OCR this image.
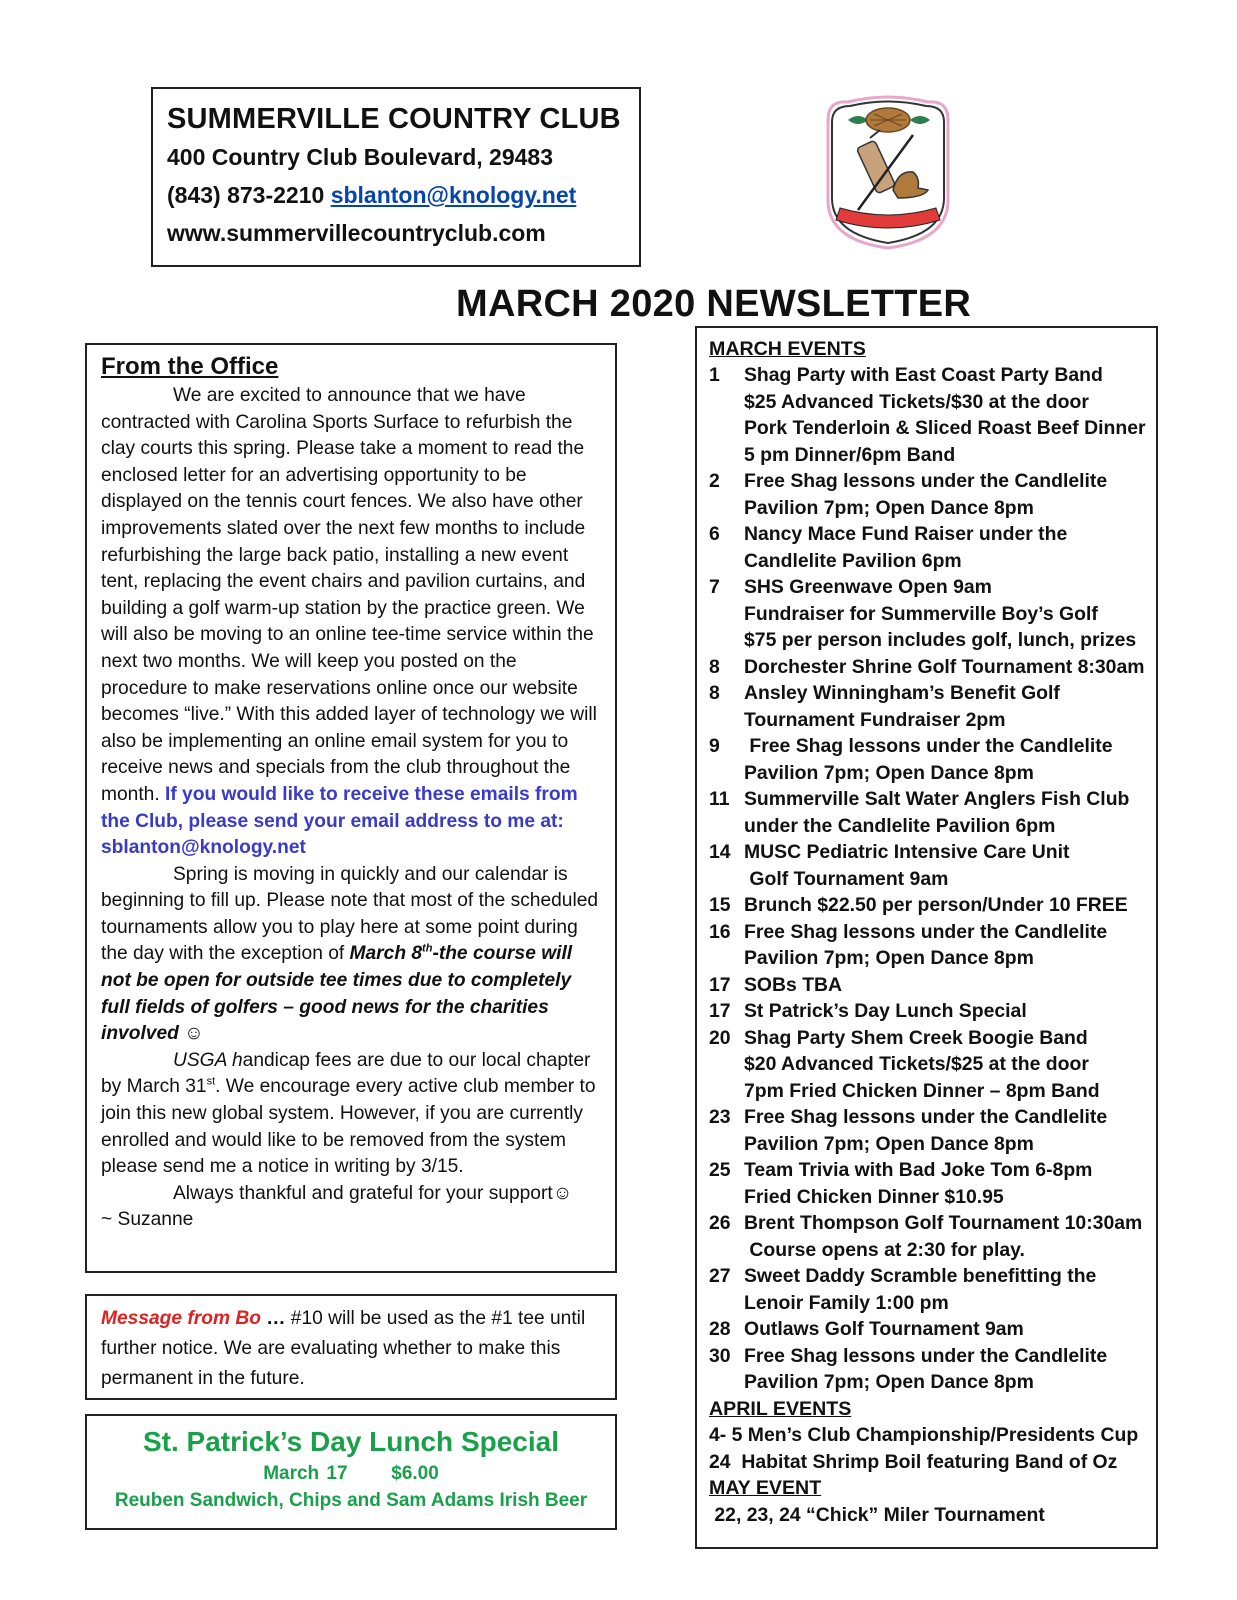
SUMMERVILLE COUNTRY CLUB
400 Country Club Boulevard, 29483
(843) 873-2210 sblanton@knology.net
www.summervillecountryclub.com
MARCH 2020 NEWSLETTER
From the Office

We are excited to announce that we have contracted with Carolina Sports Surface to refurbish the clay courts this spring. Please take a moment to read the enclosed letter for an advertising opportunity to be displayed on the tennis court fences. We also have other improvements slated over the next few months to include refurbishing the large back patio, installing a new event tent, replacing the event chairs and pavilion curtains, and building a golf warm-up station by the practice green. We will also be moving to an online tee-time service within the next two months. We will keep you posted on the procedure to make reservations online once our website becomes “live.” With this added layer of technology we will also be implementing an online email system for you to receive news and specials from the club throughout the month. If you would like to receive these emails from the Club, please send your email address to me at: sblanton@knology.net

Spring is moving in quickly and our calendar is beginning to fill up. Please note that most of the scheduled tournaments allow you to play here at some point during the day with the exception of March 8th-the course will not be open for outside tee times due to completely full fields of golfers – good news for the charities involved ☺

USGA handicap fees are due to our local chapter by March 31st. We encourage every active club member to join this new global system. However, if you are currently enrolled and would like to be removed from the system please send me a notice in writing by 3/15.

Always thankful and grateful for your support☺

~ Suzanne

Message from Bo … #10 will be used as the #1 tee until further notice. We are evaluating whether to make this permanent in the future.

St. Patrick’s Day Lunch Special
March 17 $6.00
Reuben Sandwich, Chips and Sam Adams Irish Beer
MARCH EVENTS
1	Shag Party with East Coast Party Band
$25 Advanced Tickets/$30 at the door
Pork Tenderloin & Sliced Roast Beef Dinner
5 pm Dinner/6pm Band
2	Free Shag lessons under the Candlelite
Pavilion 7pm; Open Dance 8pm
6	Nancy Mace Fund Raiser under the
Candlelite Pavilion 6pm
7	SHS Greenwave Open 9am
Fundraiser for Summerville Boy’s Golf
$75 per person includes golf, lunch, prizes
8	Dorchester Shrine Golf Tournament 8:30am
8	Ansley Winningham’s Benefit Golf
Tournament Fundraiser 2pm
9	Free Shag lessons under the Candlelite
Pavilion 7pm; Open Dance 8pm
11 Summerville Salt Water Anglers Fish Club
under the Candlelite Pavilion 6pm
14 MUSC Pediatric Intensive Care Unit
Golf Tournament 9am
15 Brunch $22.50 per person/Under 10 FREE
16 Free Shag lessons under the Candlelite
Pavilion 7pm; Open Dance 8pm
17 SOBs TBA
17 St Patrick’s Day Lunch Special
20 Shag Party Shem Creek Boogie Band
$20 Advanced Tickets/$25 at the door
7pm Fried Chicken Dinner – 8pm Band
23 Free Shag lessons under the Candlelite
Pavilion 7pm; Open Dance 8pm
25 Team Trivia with Bad Joke Tom 6-8pm
Fried Chicken Dinner $10.95
26 Brent Thompson Golf Tournament 10:30am
Course opens at 2:30 for play.
27 Sweet Daddy Scramble benefitting the
Lenoir Family 1:00 pm
28 Outlaws Golf Tournament 9am
30 Free Shag lessons under the Candlelite
Pavilion 7pm; Open Dance 8pm
APRIL EVENTS
4- 5 Men’s Club Championship/Presidents Cup
24  Habitat Shrimp Boil featuring Band of Oz
MAY EVENT
22, 23, 24 “Chick” Miler Tournament
